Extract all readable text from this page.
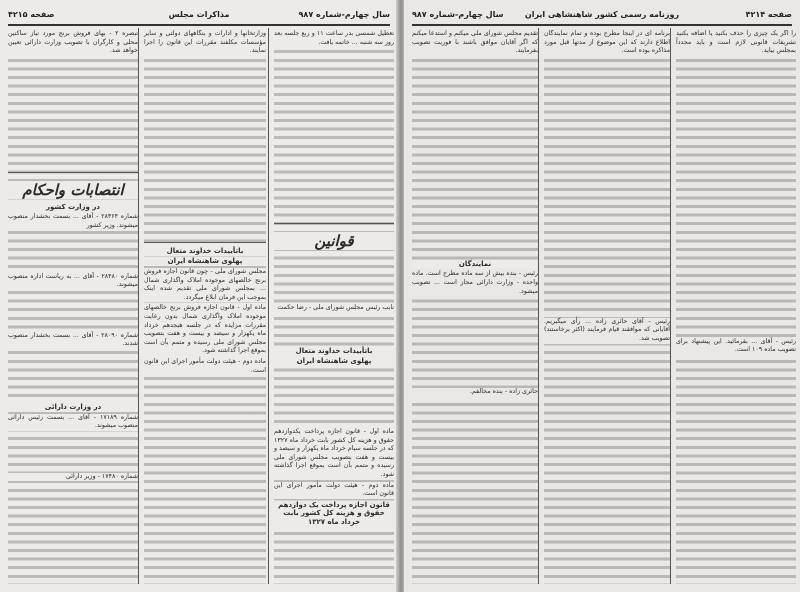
سال چهارم-شماره ۹۸۷
مذاکرات مجلس
صفحه ۴۲۱۵

تبصره ۲ - بهای فروش برنج مورد نیاز ساکنین محلی و کارگران با تصویب وزارت دارائی تعیین خواهد شد.

انتصابات واحکام
در وزارت کشور

شماره ۲۸۳۶۴ - آقای ... بسمت بخشدار منصوب میشوند. وزیر کشور

شماره ۲۸۴۸۰ - آقای ... به ریاست اداره منصوب میشوند.

شماره ۲۸۰۹۰ - آقای ... بسمت بخشدار منصوب شدند.

در وزارت دارائی

شماره ۱۷۱۸۹ - آقای ... بسمت رئیس دارائی منصوب میشوند.

شماره ۱۷۴۸۰ - وزیر دارائی

وزارتخانها و ادارات و بنگاههای دولتی و سایر مؤسسات مکلفند مقررات این قانون را اجرا نمایند.

باتأییدات خداوند متعال
پهلوی شاهنشاه ایران

مجلس شورای ملی - چون قانون اجازه فروش برنج خالصهای موجوده املاک واگذاری شمال ... بمجلس شورای ملی تقدیم شده اینک بموجب این فرمان ابلاغ میگردد.

ماده اول - قانون اجازه فروش برنج خالصهای موجوده املاک واگذاری شمال بدون رعایت مقررات مزایده که در جلسه هیجدهم خرداد ماه یکهزار و سیصد و بیست و هفت بتصویب مجلس شورای ملی رسیده و متمم بآن است بموقع اجرا گذاشته شود.

ماده دوم - هیئت دولت مأمور اجرای این قانون است.

تعطیل شمسی بدر ساعت ۱۱ و ربع جلسه بعد روز سه شنبه ... خاتمه یافت.

قوانین

نایب رئیس مجلس شورای ملی - رضا حکمت

باتأییدات خداوند متعال
پهلوی شاهنشاه ایران

ماده اول - قانون اجازه پرداخت یکدوازدهم حقوق و هزینه کل کشور بابت خرداد ماه ۱۳۲۷ که در جلسه سیام خرداد ماه یکهزار و سیصد و بیست و هفت بتصویب مجلس شورای ملی رسیده و متمم بآن است بموقع اجرا گذاشته شود.

ماده دوم - هیئت دولت مأمور اجرای این قانون است.

قانون اجازه پرداخت یک دوازدهم حقوق و هزینه کل کشور بابت خرداد ماه ۱۳۲۷
صفحه ۴۲۱۴
روزنامه رسمی کشور شاهنشاهی ایران
سال چهارم-شماره ۹۸۷

تقدیم مجلس شورای ملی میکنم و استدعا میکنم که اگر آقایان موافق باشند با فوریت تصویب بفرمایند.

نمایندگان

رئیس - بنده بیش از سه ماده مطرح است. ماده واحده - وزارت دارائی مجاز است ... تصویب میشود.

حائری زاده - بنده مخالفم.

برنامه ای در اینجا مطرح بوده و تمام نمایندگان اطلاع دارند که این موضوع از مدتها قبل مورد مذاکره بوده است.

رئیس - آقای حائری زاده ... رأی میگیریم. آقایانی که موافقند قیام فرمایند (اکثر برخاستند) تصویب شد.

را اگر یک چیزی را حذف بکنید یا اضافه بکنید تشریفات قانونی لازم است و باید مجدداً بمجلس بیاید.

رئیس - آقای ... بفرمائید. این پیشنهاد برای تصویب ماده ۱۰۹ است.
